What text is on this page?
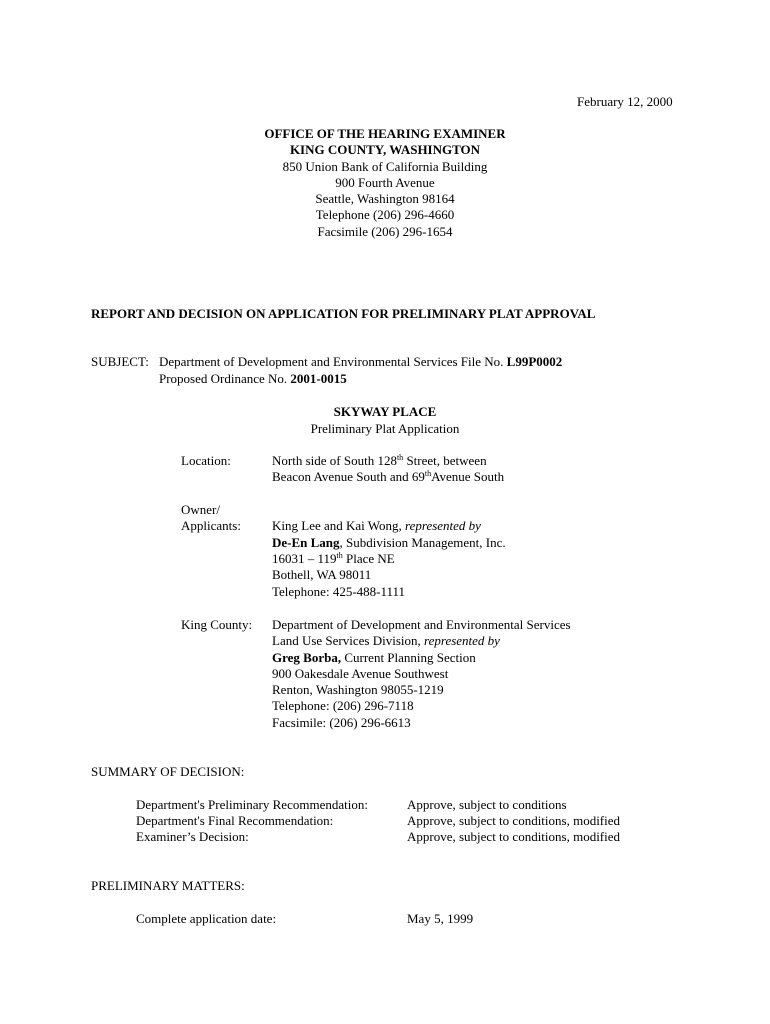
February 12, 2000
OFFICE OF THE HEARING EXAMINER
KING COUNTY, WASHINGTON
850 Union Bank of California Building
900 Fourth Avenue
Seattle, Washington 98164
Telephone (206) 296-4660
Facsimile (206) 296-1654
REPORT AND DECISION ON APPLICATION FOR PRELIMINARY PLAT APPROVAL
SUBJECT: Department of Development and Environmental Services File No. L99P0002
Proposed Ordinance No. 2001-0015
SKYWAY PLACE
Preliminary Plat Application
Location:	North side of South 128th Street, between
Beacon Avenue South and 69thAvenue South
Owner/
Applicants: King Lee and Kai Wong, represented by
De-En Lang, Subdivision Management, Inc.
16031 – 119th Place NE
Bothell, WA 98011
Telephone: 425-488-1111
King County: Department of Development and Environmental Services
Land Use Services Division, represented by
Greg Borba, Current Planning Section
900 Oakesdale Avenue Southwest
Renton, Washington 98055-1219
Telephone: (206) 296-7118
Facsimile: (206) 296-6613
SUMMARY OF DECISION:
Department's Preliminary Recommendation:	Approve, subject to conditions
Department's Final Recommendation:	Approve, subject to conditions, modified
Examiner’s Decision:	Approve, subject to conditions, modified
PRELIMINARY MATTERS:
Complete application date:	May 5, 1999
